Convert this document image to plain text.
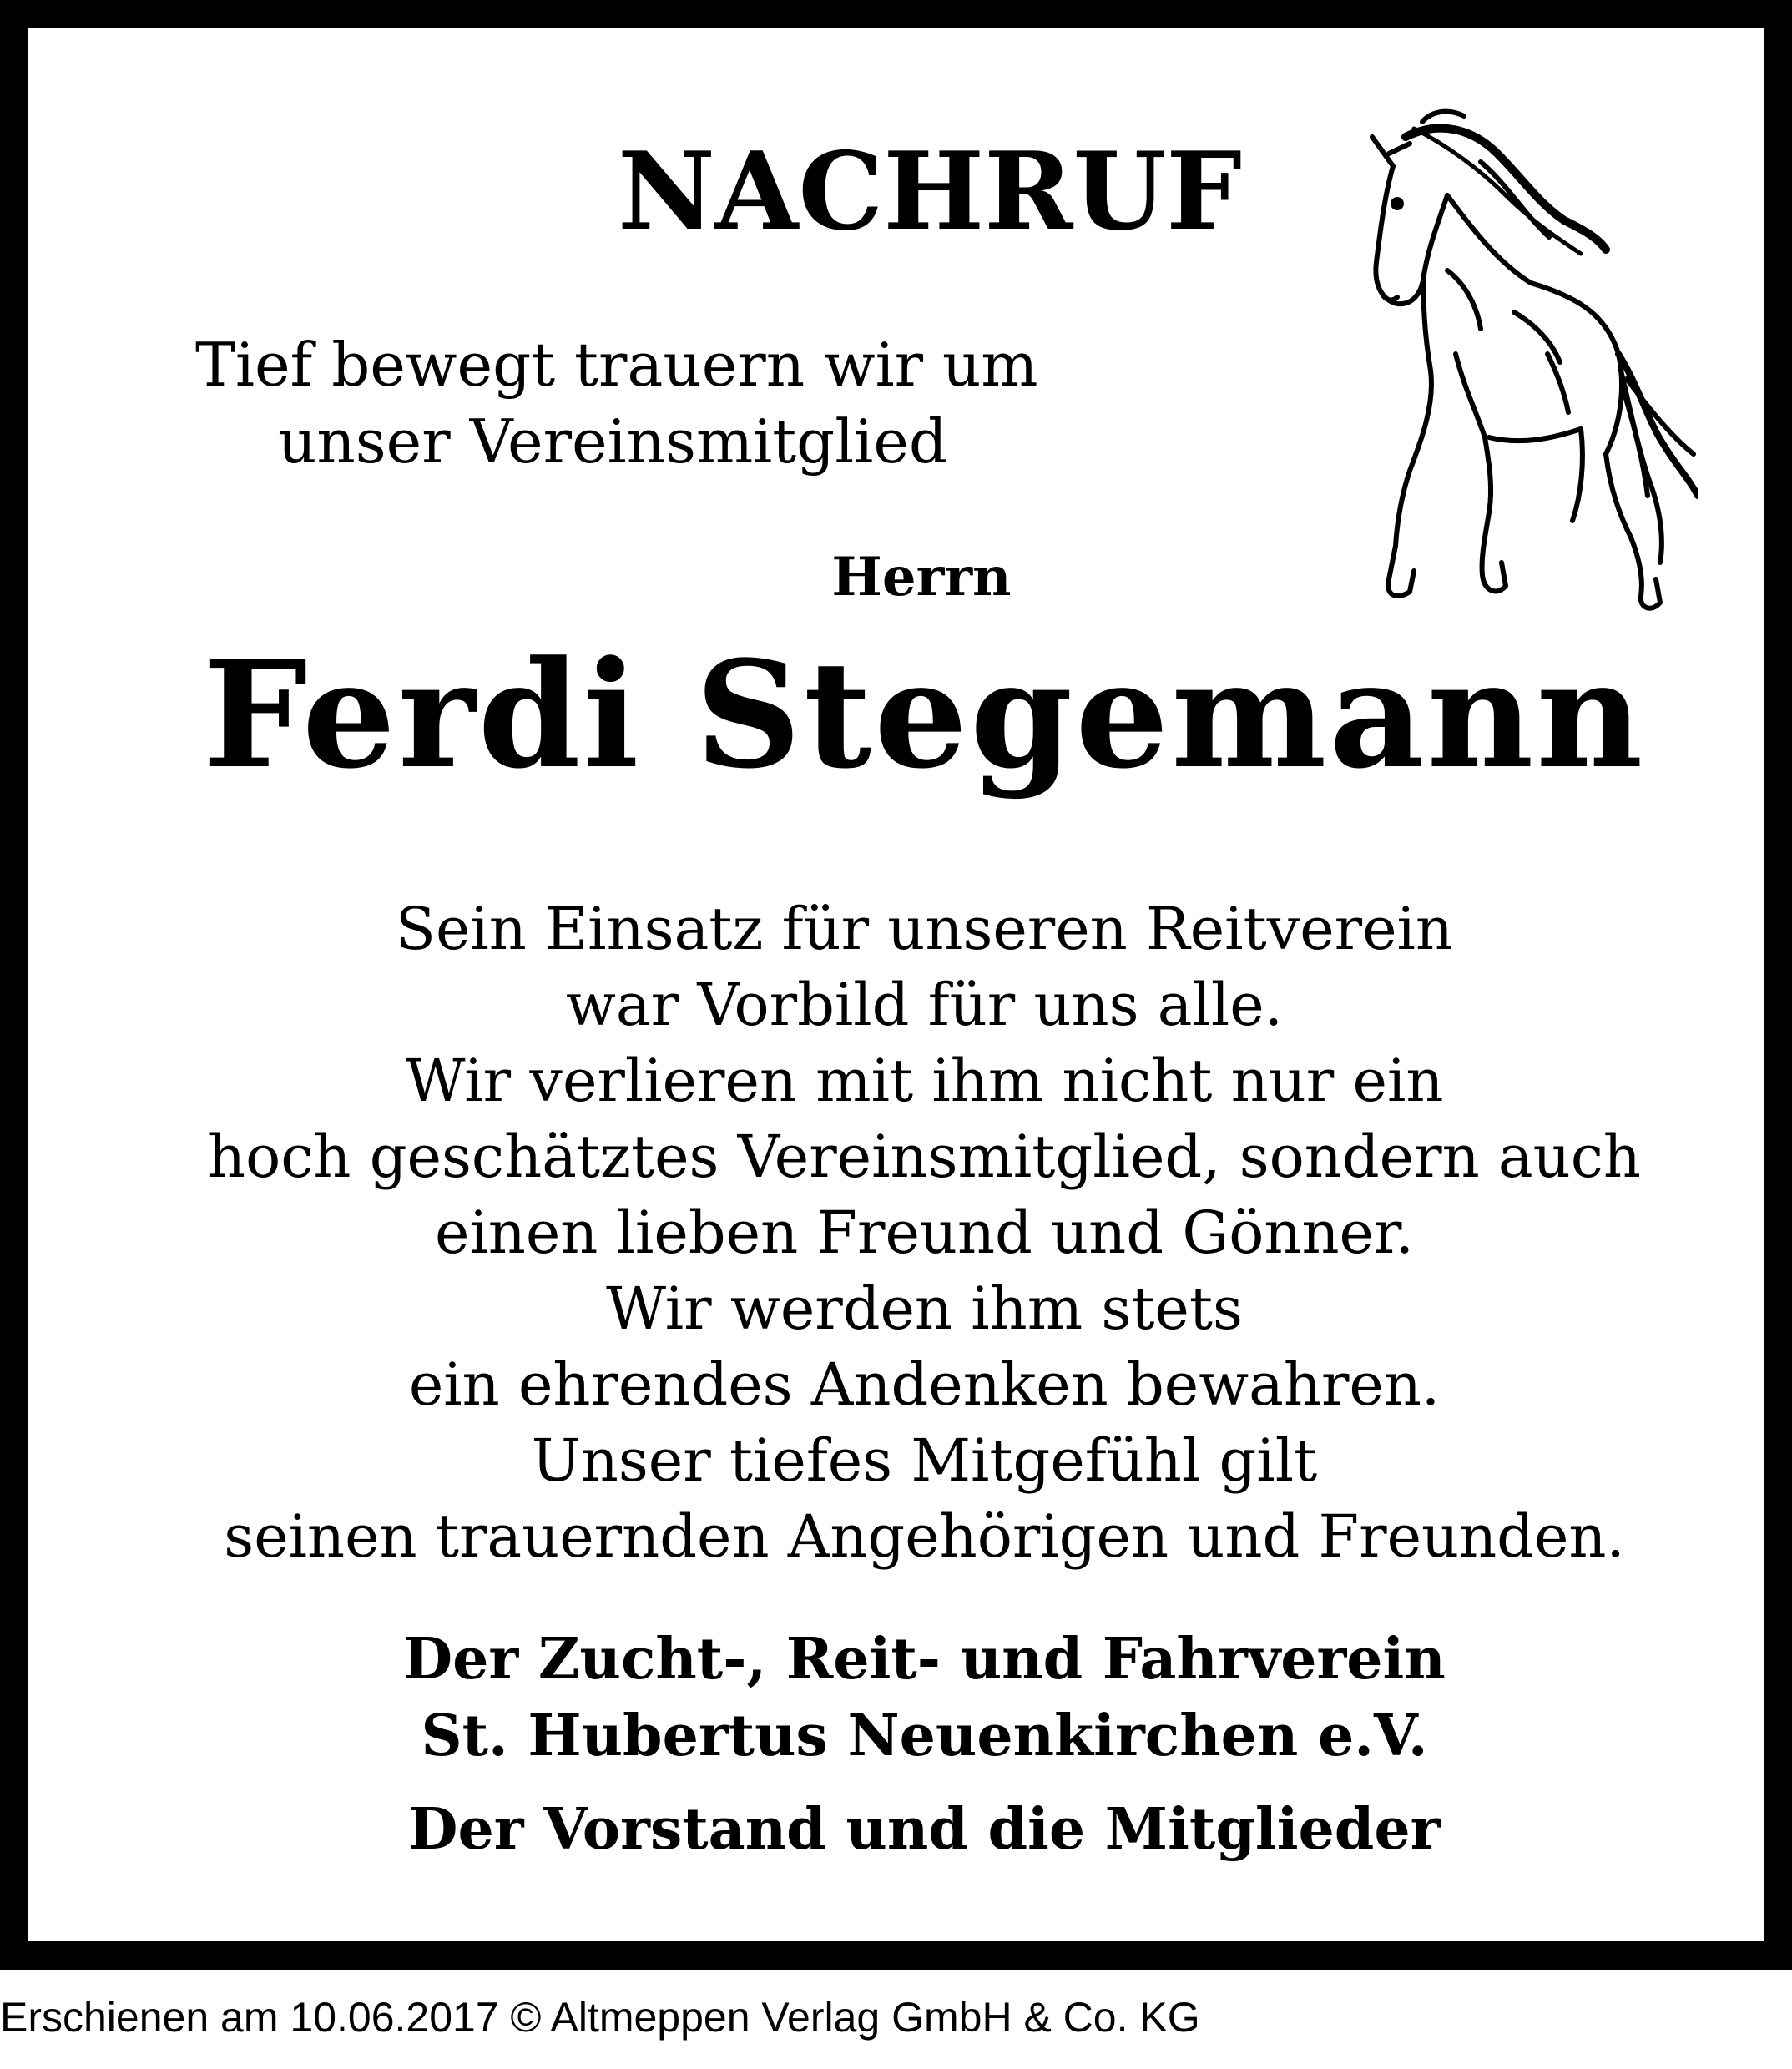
NACHRUF
Tief bewegt trauern wir um
unser Vereinsmitglied
Herrn
Ferdi Stegemann
Sein Einsatz für unseren Reitverein
war Vorbild für uns alle.
Wir verlieren mit ihm nicht nur ein
hoch geschätztes Vereinsmitglied, sondern auch
einen lieben Freund und Gönner.
Wir werden ihm stets
ein ehrendes Andenken bewahren.
Unser tiefes Mitgefühl gilt
seinen trauernden Angehörigen und Freunden.
Der Zucht-, Reit- und Fahrverein
St. Hubertus Neuenkirchen e.V.
Der Vorstand und die Mitglieder
Erschienen am 10.06.2017 © Altmeppen Verlag GmbH & Co. KG
